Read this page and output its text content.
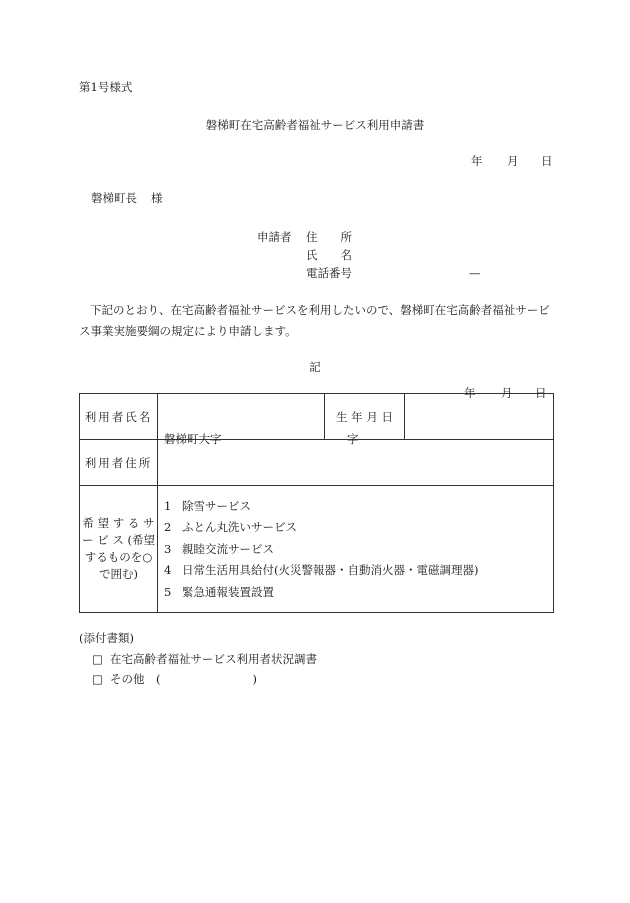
第1号様式
磐梯町在宅高齢者福祉サービス利用申請書
年 月 日
磐梯町長 様
申請者 住　　所
氏　　名
電話番号	—
下記のとおり、在宅高齢者福祉サービスを利用したいので、磐梯町在宅高齢者福祉サービス事業実施要綱の規定により申請します。
記
利用者氏名		生 年 月 日	年 月 日

利用者住所	磐梯町大字 字		

希 望 す る サ ー ビ ス (希望するものを○で囲む)	1 除雪サービス
2 ふとん丸洗いサービス
3 親睦交流サービス
4 日常生活用具給付(火災警報器・自動消火器・電磁調理器)
5 緊急通報装置設置		
(添付書類)
□ 在宅高齢者福祉サービス利用者状況調書
□ その他　(　　　　　　　　)
